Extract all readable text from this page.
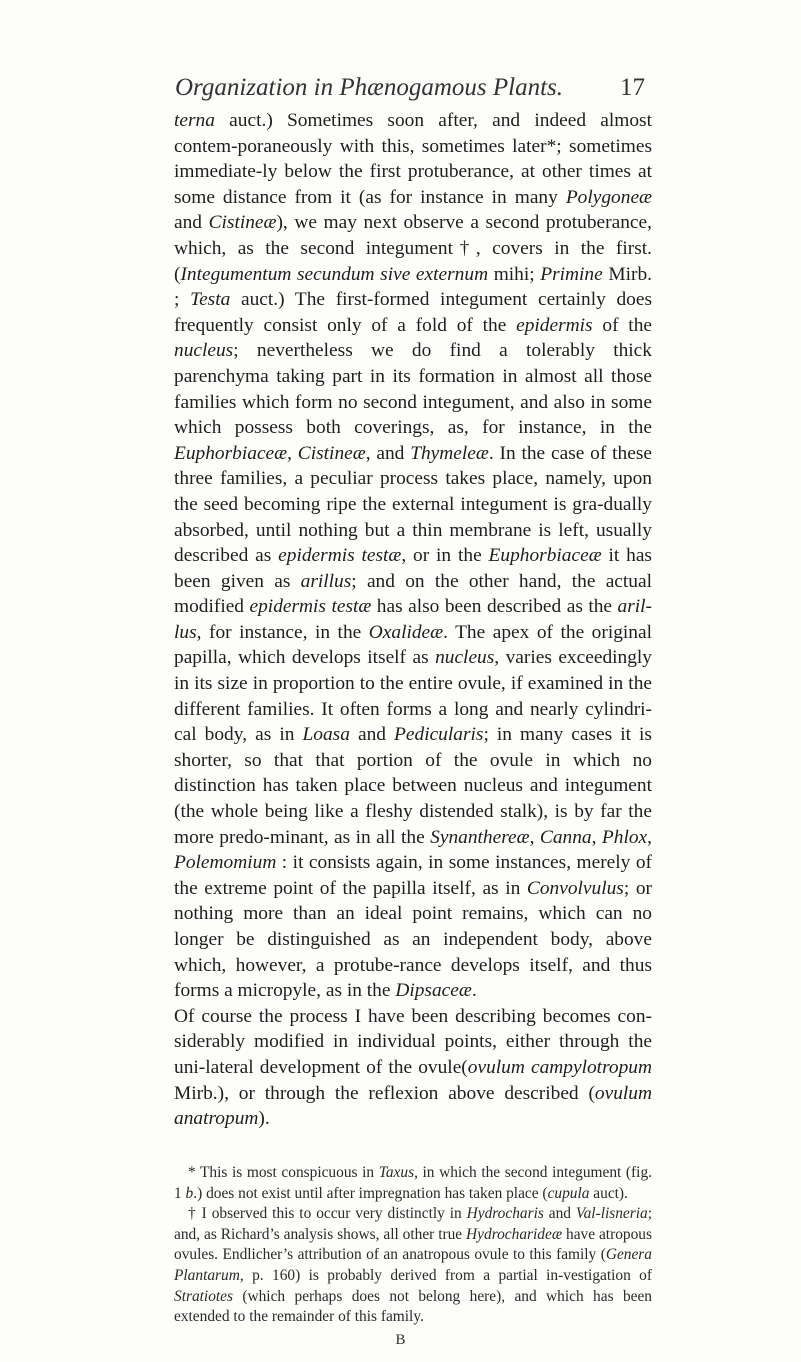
Organization in Phænogamous Plants. 17

terna auct.) Sometimes soon after, and indeed almost contem-poraneously with this, sometimes later*; sometimes immediate-ly below the first protuberance, at other times at some distance from it (as for instance in many Polygoneæ and Cistineæ), we may next observe a second protuberance, which, as the second integument†, covers in the first. (Integumentum secundum sive externum mihi; Primine Mirb. ; Testa auct.) The first-formed integument certainly does frequently consist only of a fold of the epidermis of the nucleus; nevertheless we do find a tolerably thick parenchyma taking part in its formation in almost all those families which form no second integument, and also in some which possess both coverings, as, for instance, in the Euphorbiaceæ, Cistineæ, and Thymeleæ. In the case of these three families, a peculiar process takes place, namely, upon the seed becoming ripe the external integument is gra-dually absorbed, until nothing but a thin membrane is left, usually described as epidermis testæ, or in the Euphorbiaceæ it has been given as arillus; and on the other hand, the actual modified epidermis testæ has also been described as the aril-lus, for instance, in the Oxalideæ. The apex of the original papilla, which develops itself as nucleus, varies exceedingly in its size in proportion to the entire ovule, if examined in the different families. It often forms a long and nearly cylindri-cal body, as in Loasa and Pedicularis; in many cases it is shorter, so that that portion of the ovule in which no distinction has taken place between nucleus and integument (the whole being like a fleshy distended stalk), is by far the more predo-minant, as in all the Synanthereæ, Canna, Phlox, Polemomium : it consists again, in some instances, merely of the extreme point of the papilla itself, as in Convolvulus; or nothing more than an ideal point remains, which can no longer be distinguished as an independent body, above which, however, a protube-rance develops itself, and thus forms a micropyle, as in the Dipsaceæ.

Of course the process I have been describing becomes con-siderably modified in individual points, either through the uni-lateral development of the ovule(ovulum campylotropum Mirb.), or through the reflexion above described (ovulum anatropum).

* This is most conspicuous in Taxus, in which the second integument (fig. 1 b.) does not exist until after impregnation has taken place (cupula auct).

† I observed this to occur very distinctly in Hydrocharis and Val-lisneria; and, as Richard’s analysis shows, all other true Hydrocharideæ have atropous ovules. Endlicher’s attribution of an anatropous ovule to this family (Genera Plantarum, p. 160) is probably derived from a partial in-vestigation of Stratiotes (which perhaps does not belong here), and which has been extended to the remainder of this family.

B
